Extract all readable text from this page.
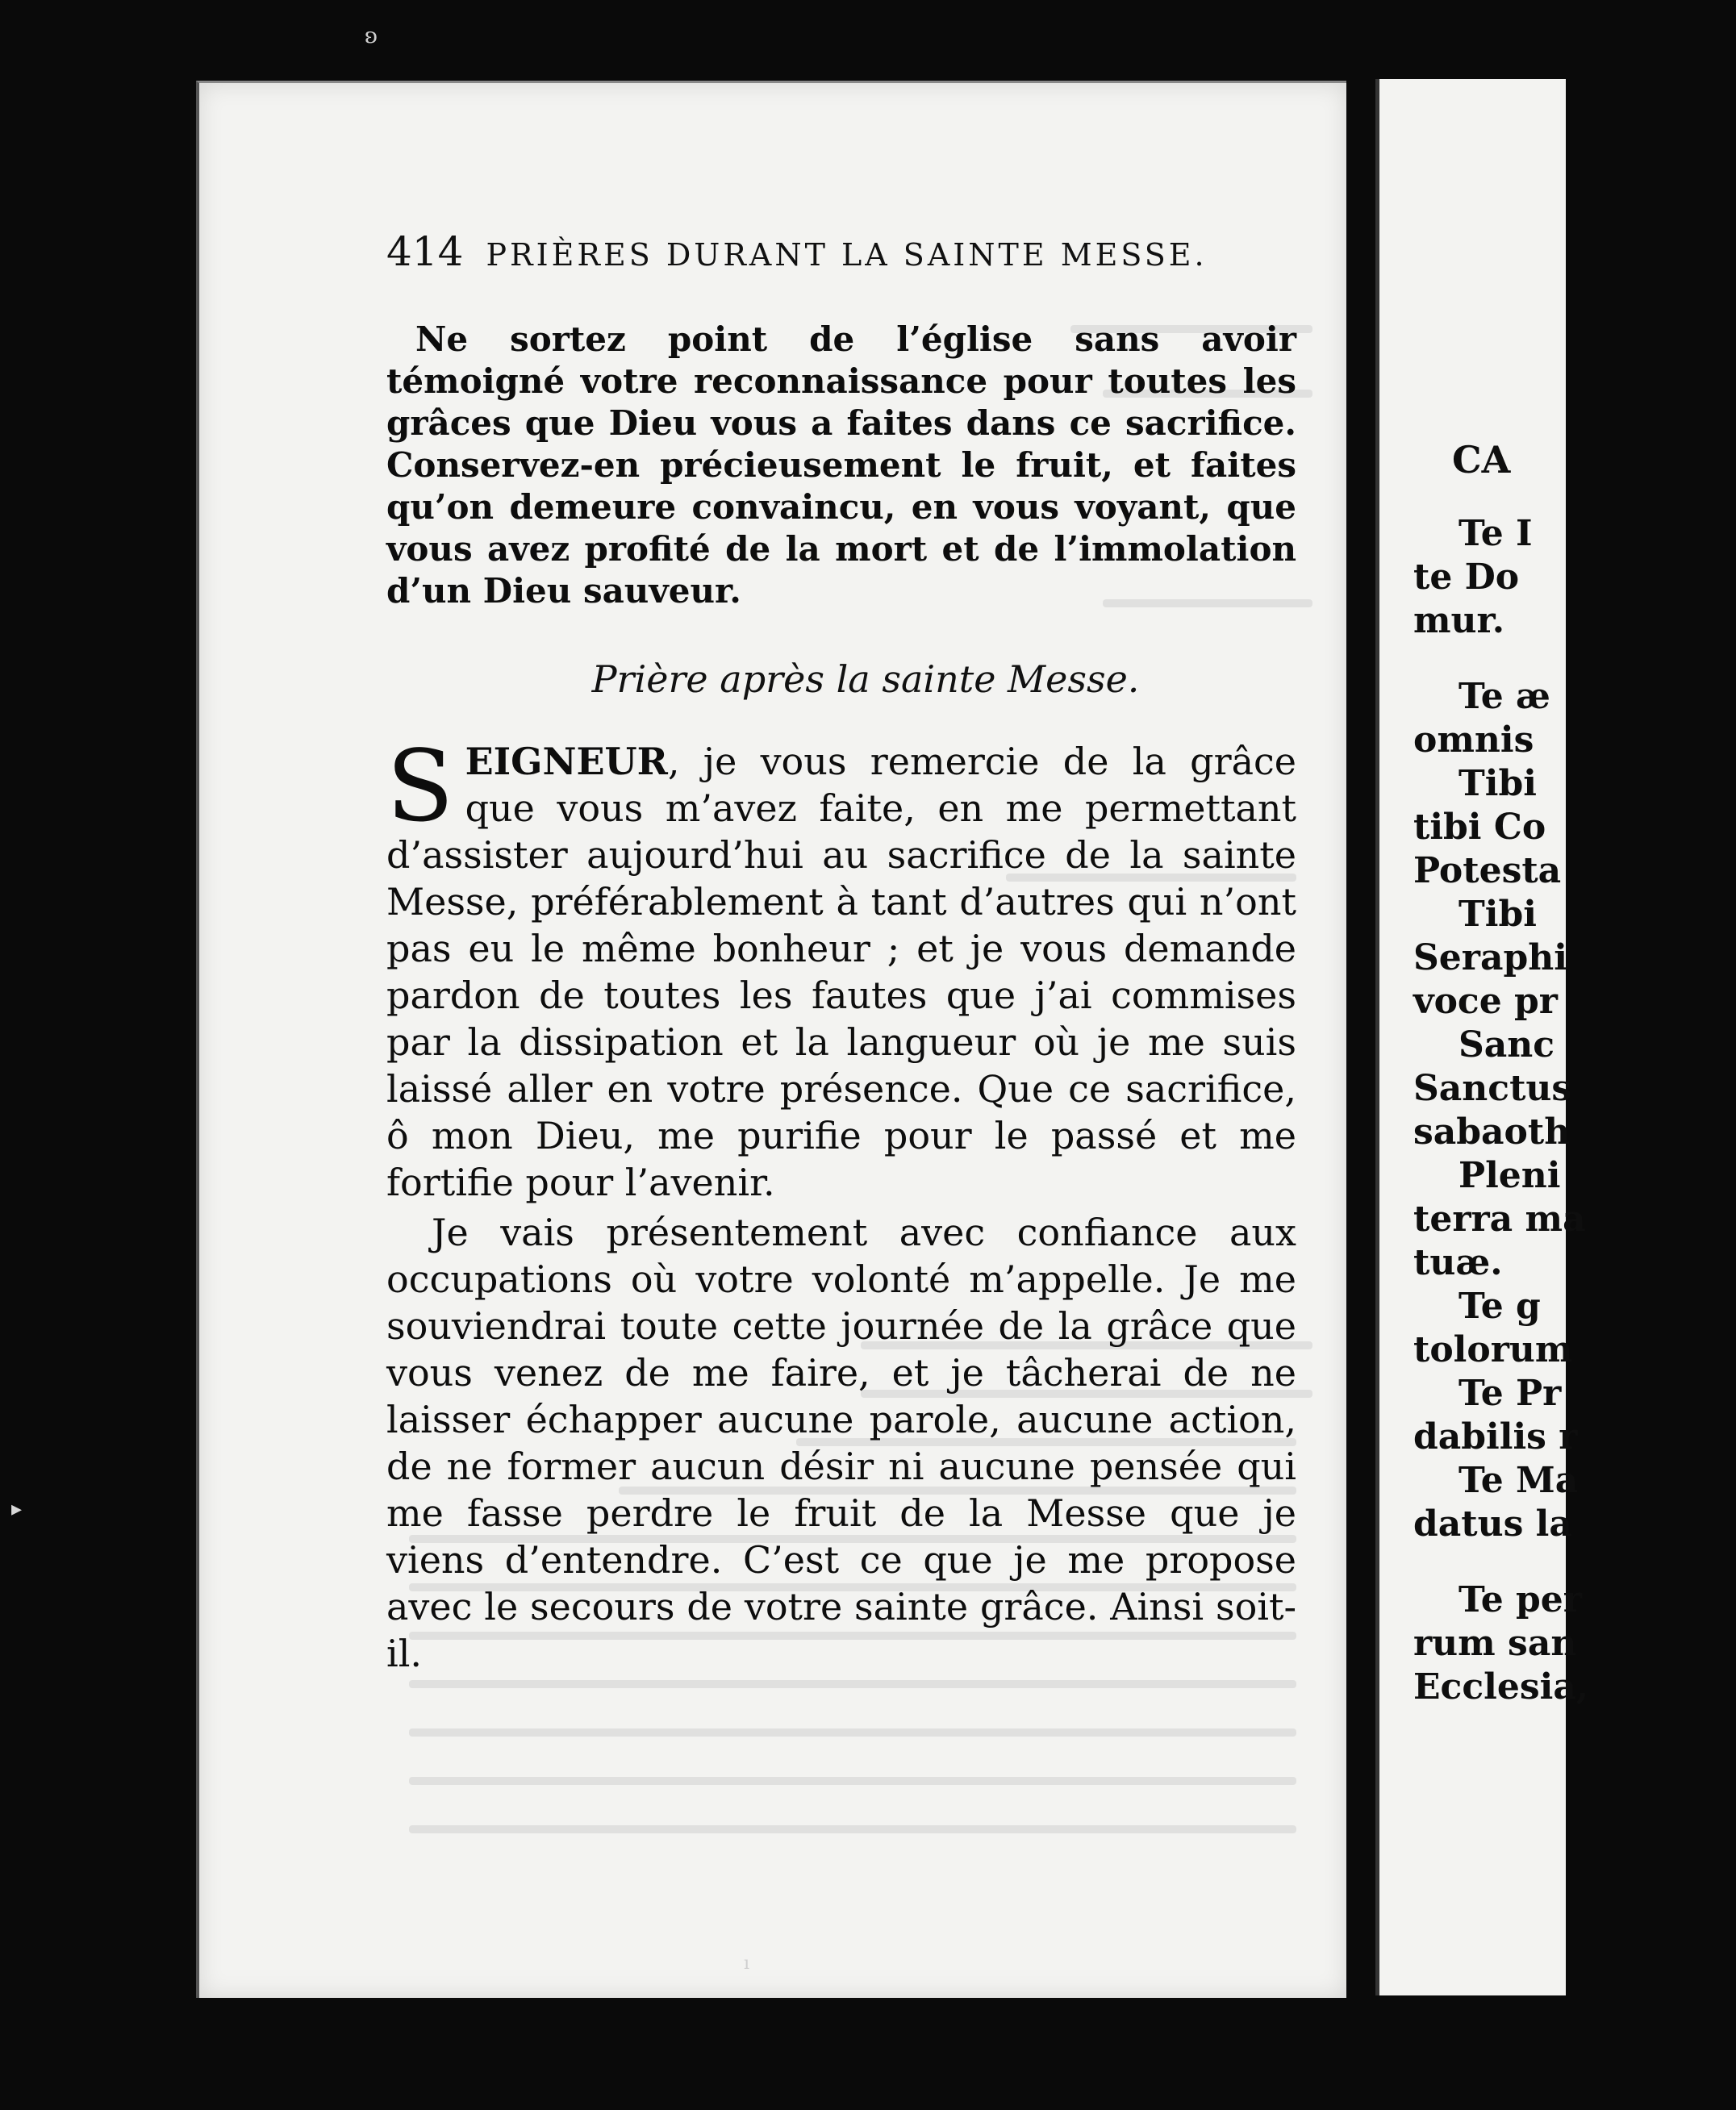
ʚ
▸
414 PRIÈRES DURANT LA SAINTE MESSE.
Ne sortez point de l’église sans avoir témoigné votre reconnaissance pour toutes les grâces que Dieu vous a faites dans ce sacrifice. Conservez-en précieusement le fruit, et faites qu’on demeure convaincu, en vous voyant, que vous avez profité de la mort et de l’immolation d’un Dieu sauveur.
Prière après la sainte Messe.

SEIGNEUR, je vous remercie de la grâce que vous m’avez faite, en me permettant d’assister aujourd’hui au sacrifice de la sainte Messe, préférablement à tant d’autres qui n’ont pas eu le même bonheur ; et je vous demande pardon de toutes les fautes que j’ai commises par la dissipation et la langueur où je me suis laissé aller en votre présence. Que ce sacrifice, ô mon Dieu, me purifie pour le passé et me fortifie pour l’avenir.

Je vais présentement avec confiance aux occupations où votre volonté m’appelle. Je me souviendrai toute cette journée de la grâce que vous venez de me faire, et je tâcherai de ne laisser échapper aucune parole, aucune action, de ne former aucun désir ni aucune pensée qui me fasse perdre le fruit de la Messe que je viens d’entendre. C’est ce que je me propose avec le secours de votre sainte grâce. Ainsi soit-il.

CA
Te I
te Do
mur.
Te æ
omnis
Tibi
tibi Co
Potesta
Tibi
Seraphi
voce pr
Sanc
Sanctus
sabaoth
Pleni
terra ma
tuæ.
Te g
tolorum
Te Pr
dabilis r
Te Ma
datus la
Te per
rum san
Ecclesia,
ı
